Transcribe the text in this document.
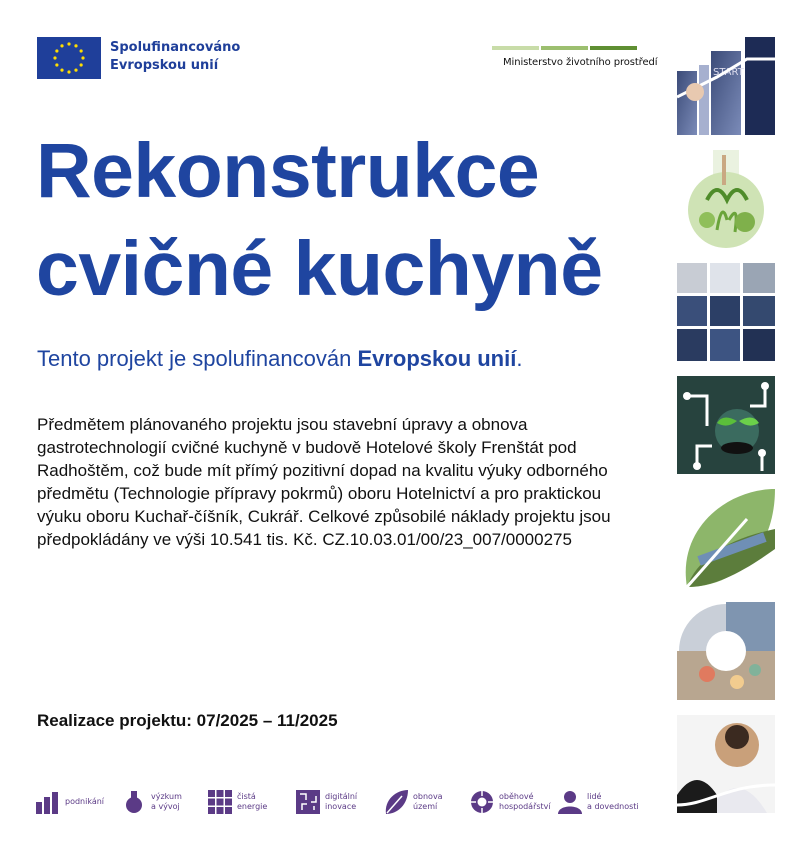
Spolufinancováno
Evropskou unií	Ministerstvo životního prostředí
Rekonstrukce
cvičné kuchyně
Tento projekt je spolufinancován Evropskou unií.
Předmětem plánovaného projektu jsou stavební úpravy a obnova gastrotechnologií cvičné kuchyně v budově Hotelové školy Frenštát pod Radhoštěm, což bude mít přímý pozitivní dopad na kvalitu výuky odborného předmětu (Technologie přípravy pokrmů) oboru Hotelnictví a pro praktickou výuku oboru Kuchař-číšník, Cukrář. Celkové způsobilé náklady projektu jsou předpokládány ve výši 10.541 tis. Kč. CZ.10.03.01/00/23_007/0000275
Realizace projektu: 07/2025 – 11/2025
START
podnikání
výzkum
a vývoj
čistá
energie
digitální
inovace
obnova
území
oběhové
hospodářství
lidé
a dovednosti
